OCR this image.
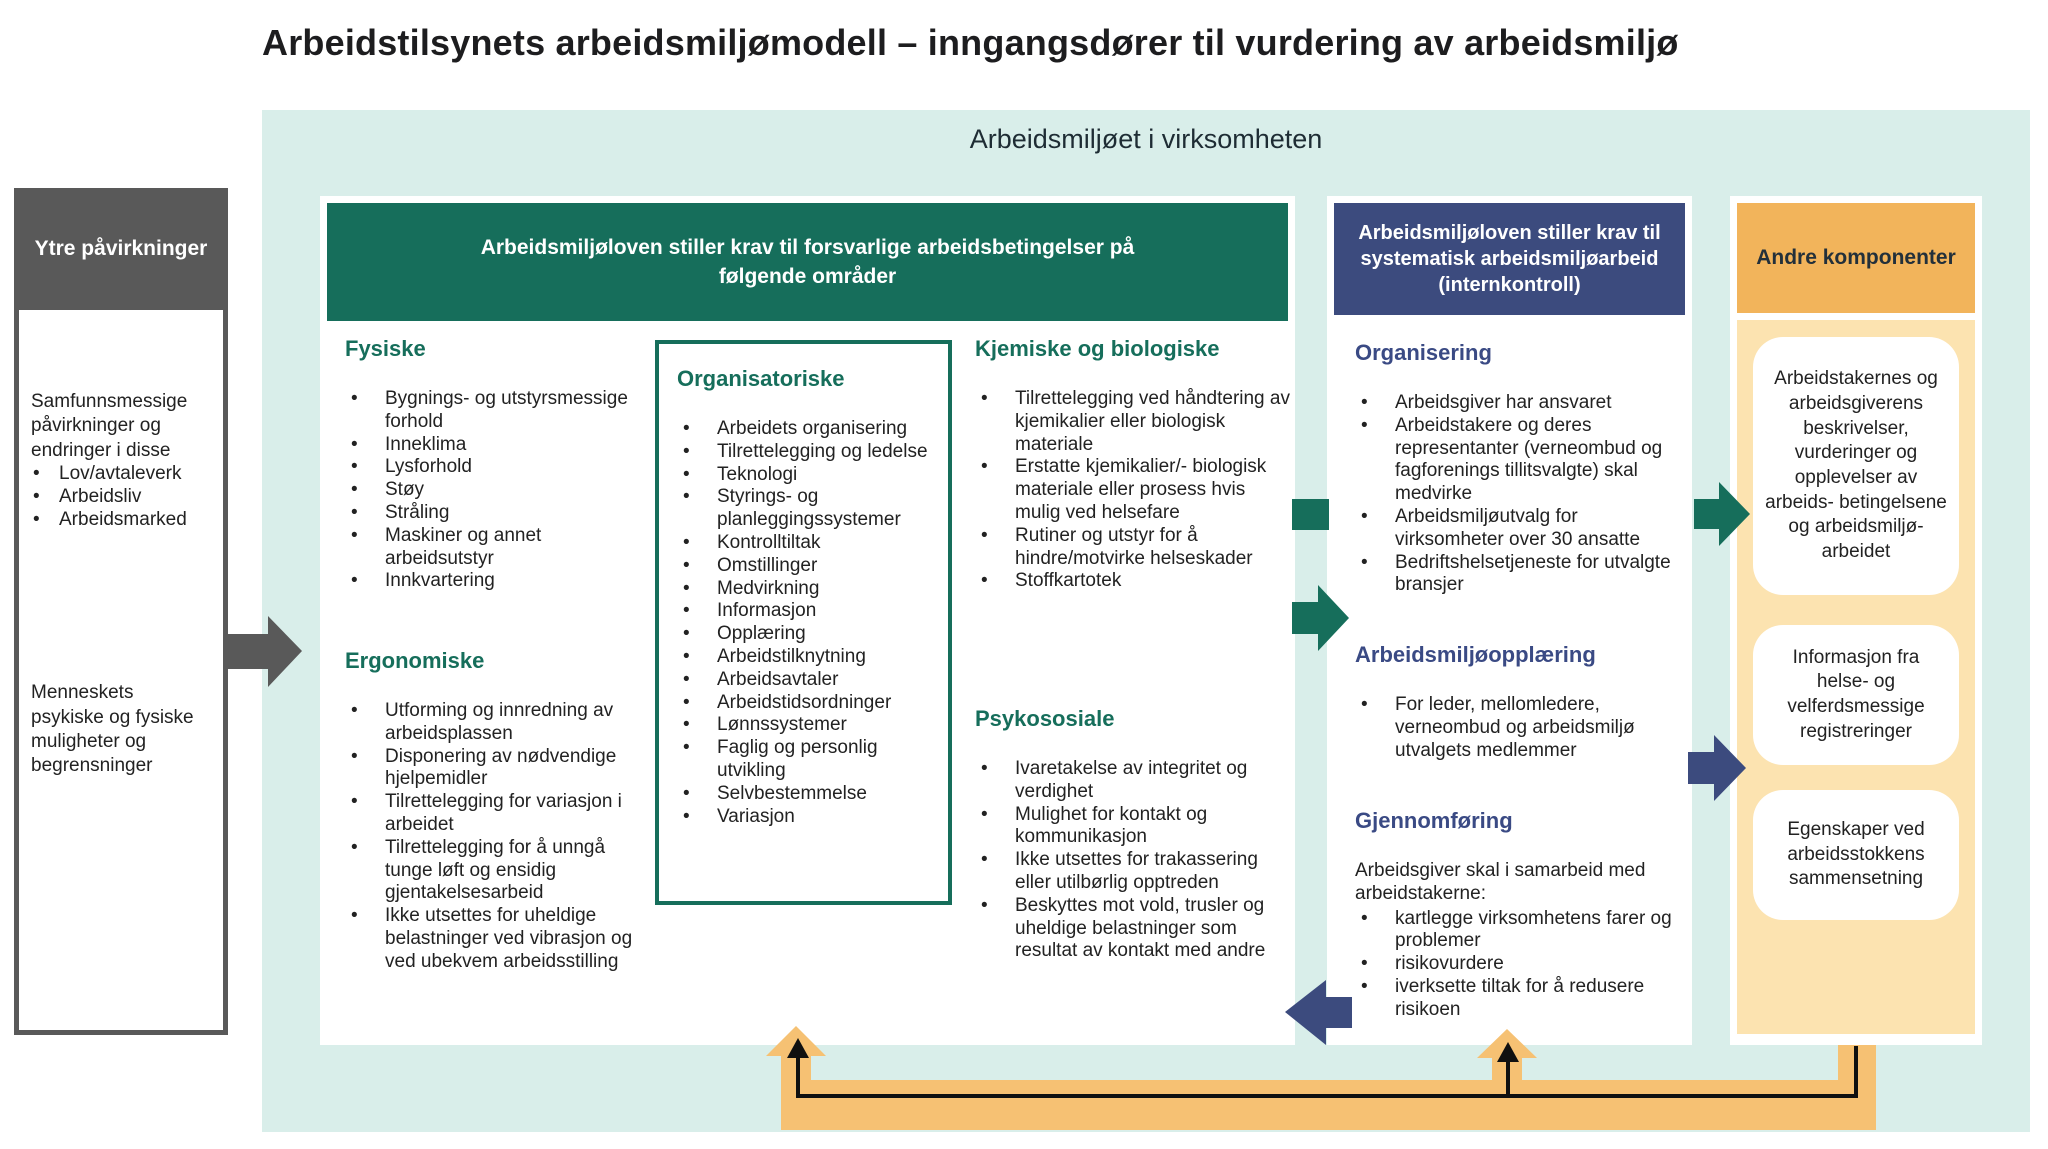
Arbeidstilsynets arbeidsmiljømodell – inngangsdører til vurdering av arbeidsmiljø
Arbeidsmiljøet i virksomheten
Ytre påvirkninger
Samfunnsmessige påvirkninger og endringer i disse
•	Lov/avtaleverk
•	Arbeidsliv
•	Arbeidsmarked
Menneskets psykiske og fysiske muligheter og begrensninger
Arbeidsmiljøloven stiller krav til forsvarlige arbeidsbetingelser på følgende områder
Fysiske
•	Bygnings- og utstyrsmessige forhold
•	Inneklima
•	Lysforhold
•	Støy
•	Stråling
•	Maskiner og annet arbeidsutstyr
•	Innkvartering
Ergonomiske
•	Utforming og innredning av arbeidsplassen
•	Disponering av nødvendige hjelpemidler
•	Tilrettelegging for variasjon i arbeidet
•	Tilrettelegging for å unngå tunge løft og ensidig gjentakelsesarbeid
•	Ikke utsettes for uheldige belastninger ved vibrasjon og ved ubekvem arbeidsstilling
Organisatoriske
•	Arbeidets organisering
•	Tilrettelegging og ledelse
•	Teknologi
•	Styrings- og planleggingssystemer
•	Kontrolltiltak
•	Omstillinger
•	Medvirkning
•	Informasjon
•	Opplæring
•	Arbeidstilknytning
•	Arbeidsavtaler
•	Arbeidstidsordninger
•	Lønnssystemer
•	Faglig og personlig utvikling
•	Selvbestemmelse
•	Variasjon
Kjemiske og biologiske
•	Tilrettelegging ved håndtering av kjemikalier eller biologisk materiale
•	Erstatte kjemikalier/- biologisk materiale eller prosess hvis mulig ved helsefare
•	Rutiner og utstyr for å hindre/motvirke helseskader
•	Stoffkartotek
Psykososiale
•	Ivaretakelse av integritet og verdighet
•	Mulighet for kontakt og kommunikasjon
•	Ikke utsettes for trakassering eller utilbørlig opptreden
•	Beskyttes mot vold, trusler og uheldige belastninger som resultat av kontakt med andre
Arbeidsmiljøloven stiller krav til systematisk arbeidsmiljøarbeid (internkontroll)
Organisering
•	Arbeidsgiver har ansvaret
•	Arbeidstakere og deres representanter (verneombud og fagforenings tillitsvalgte) skal medvirke
•	Arbeidsmiljøutvalg for virksomheter over 30 ansatte
•	Bedriftshelsetjeneste for utvalgte bransjer
Arbeidsmiljøopplæring
•	For leder, mellomledere, verneombud og arbeidsmiljø utvalgets medlemmer
Gjennomføring
Arbeidsgiver skal i samarbeid med arbeidstakerne:
•	kartlegge virksomhetens farer og problemer
•	risikovurdere
•	iverksette tiltak for å redusere risikoen
Andre komponenter
Arbeidstakernes og arbeidsgiverens beskrivelser, vurderinger og opplevelser av arbeids- betingelsene og arbeidsmiljø- arbeidet
Informasjon fra helse- og velferdsmessige registreringer
Egenskaper ved arbeidsstokkens sammensetning
